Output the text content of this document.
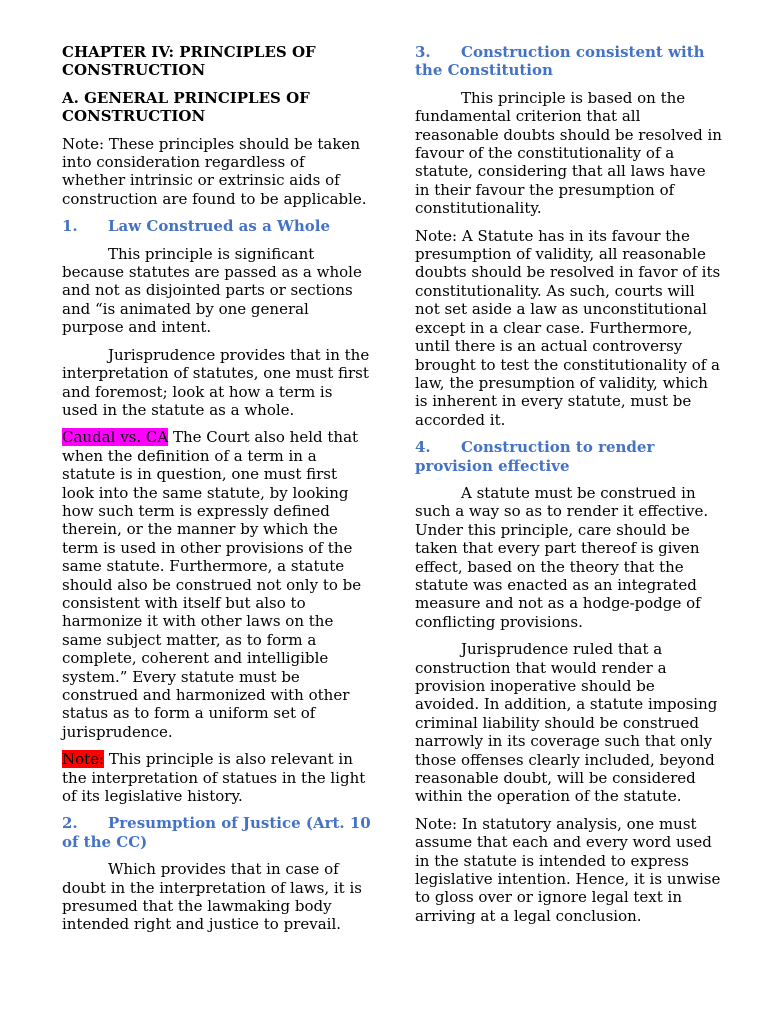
CHAPTER IV: PRINCIPLES OF CONSTRUCTION

A. GENERAL PRINCIPLES OF CONSTRUCTION

Note: These principles should be taken into consideration regardless of whether intrinsic or extrinsic aids of construction are found to be applicable.

1. Law Construed as a Whole

This principle is significant because statutes are passed as a whole and not as disjointed parts or sections and “is animated by one general purpose and intent.

Jurisprudence provides that in the interpretation of statutes, one must first and foremost; look at how a term is used in the statute as a whole.

Caudal vs. CA The Court also held that when the definition of a term in a statute is in question, one must first look into the same statute, by looking how such term is expressly defined therein, or the manner by which the term is used in other provisions of the same statute. Furthermore, a statute should also be construed not only to be consistent with itself but also to harmonize it with other laws on the same subject matter, as to form a complete, coherent and intelligible system.” Every statute must be construed and harmonized with other status as to form a uniform set of jurisprudence.

Note: This principle is also relevant in the interpretation of statues in the light of its legislative history.

2. Presumption of Justice (Art. 10 of the CC)

Which provides that in case of doubt in the interpretation of laws, it is presumed that the lawmaking body intended right and justice to prevail.

3. Construction consistent with the Constitution

This principle is based on the fundamental criterion that all reasonable doubts should be resolved in favour of the constitutionality of a statute, considering that all laws have in their favour the presumption of constitutionality.

Note: A Statute has in its favour the presumption of validity, all reasonable doubts should be resolved in favor of its constitutionality. As such, courts will not set aside a law as unconstitutional except in a clear case. Furthermore, until there is an actual controversy brought to test the constitutionality of a law, the presumption of validity, which is inherent in every statute, must be accorded it.

4. Construction to render provision effective

A statute must be construed in such a way so as to render it effective. Under this principle, care should be taken that every part thereof is given effect, based on the theory that the statute was enacted as an integrated measure and not as a hodge-podge of conflicting provisions.

Jurisprudence ruled that a construction that would render a provision inoperative should be avoided. In addition, a statute imposing criminal liability should be construed narrowly in its coverage such that only those offenses clearly included, beyond reasonable doubt, will be considered within the operation of the statute.

Note: In statutory analysis, one must assume that each and every word used in the statute is intended to express legislative intention. Hence, it is unwise to gloss over or ignore legal text in arriving at a legal conclusion.
